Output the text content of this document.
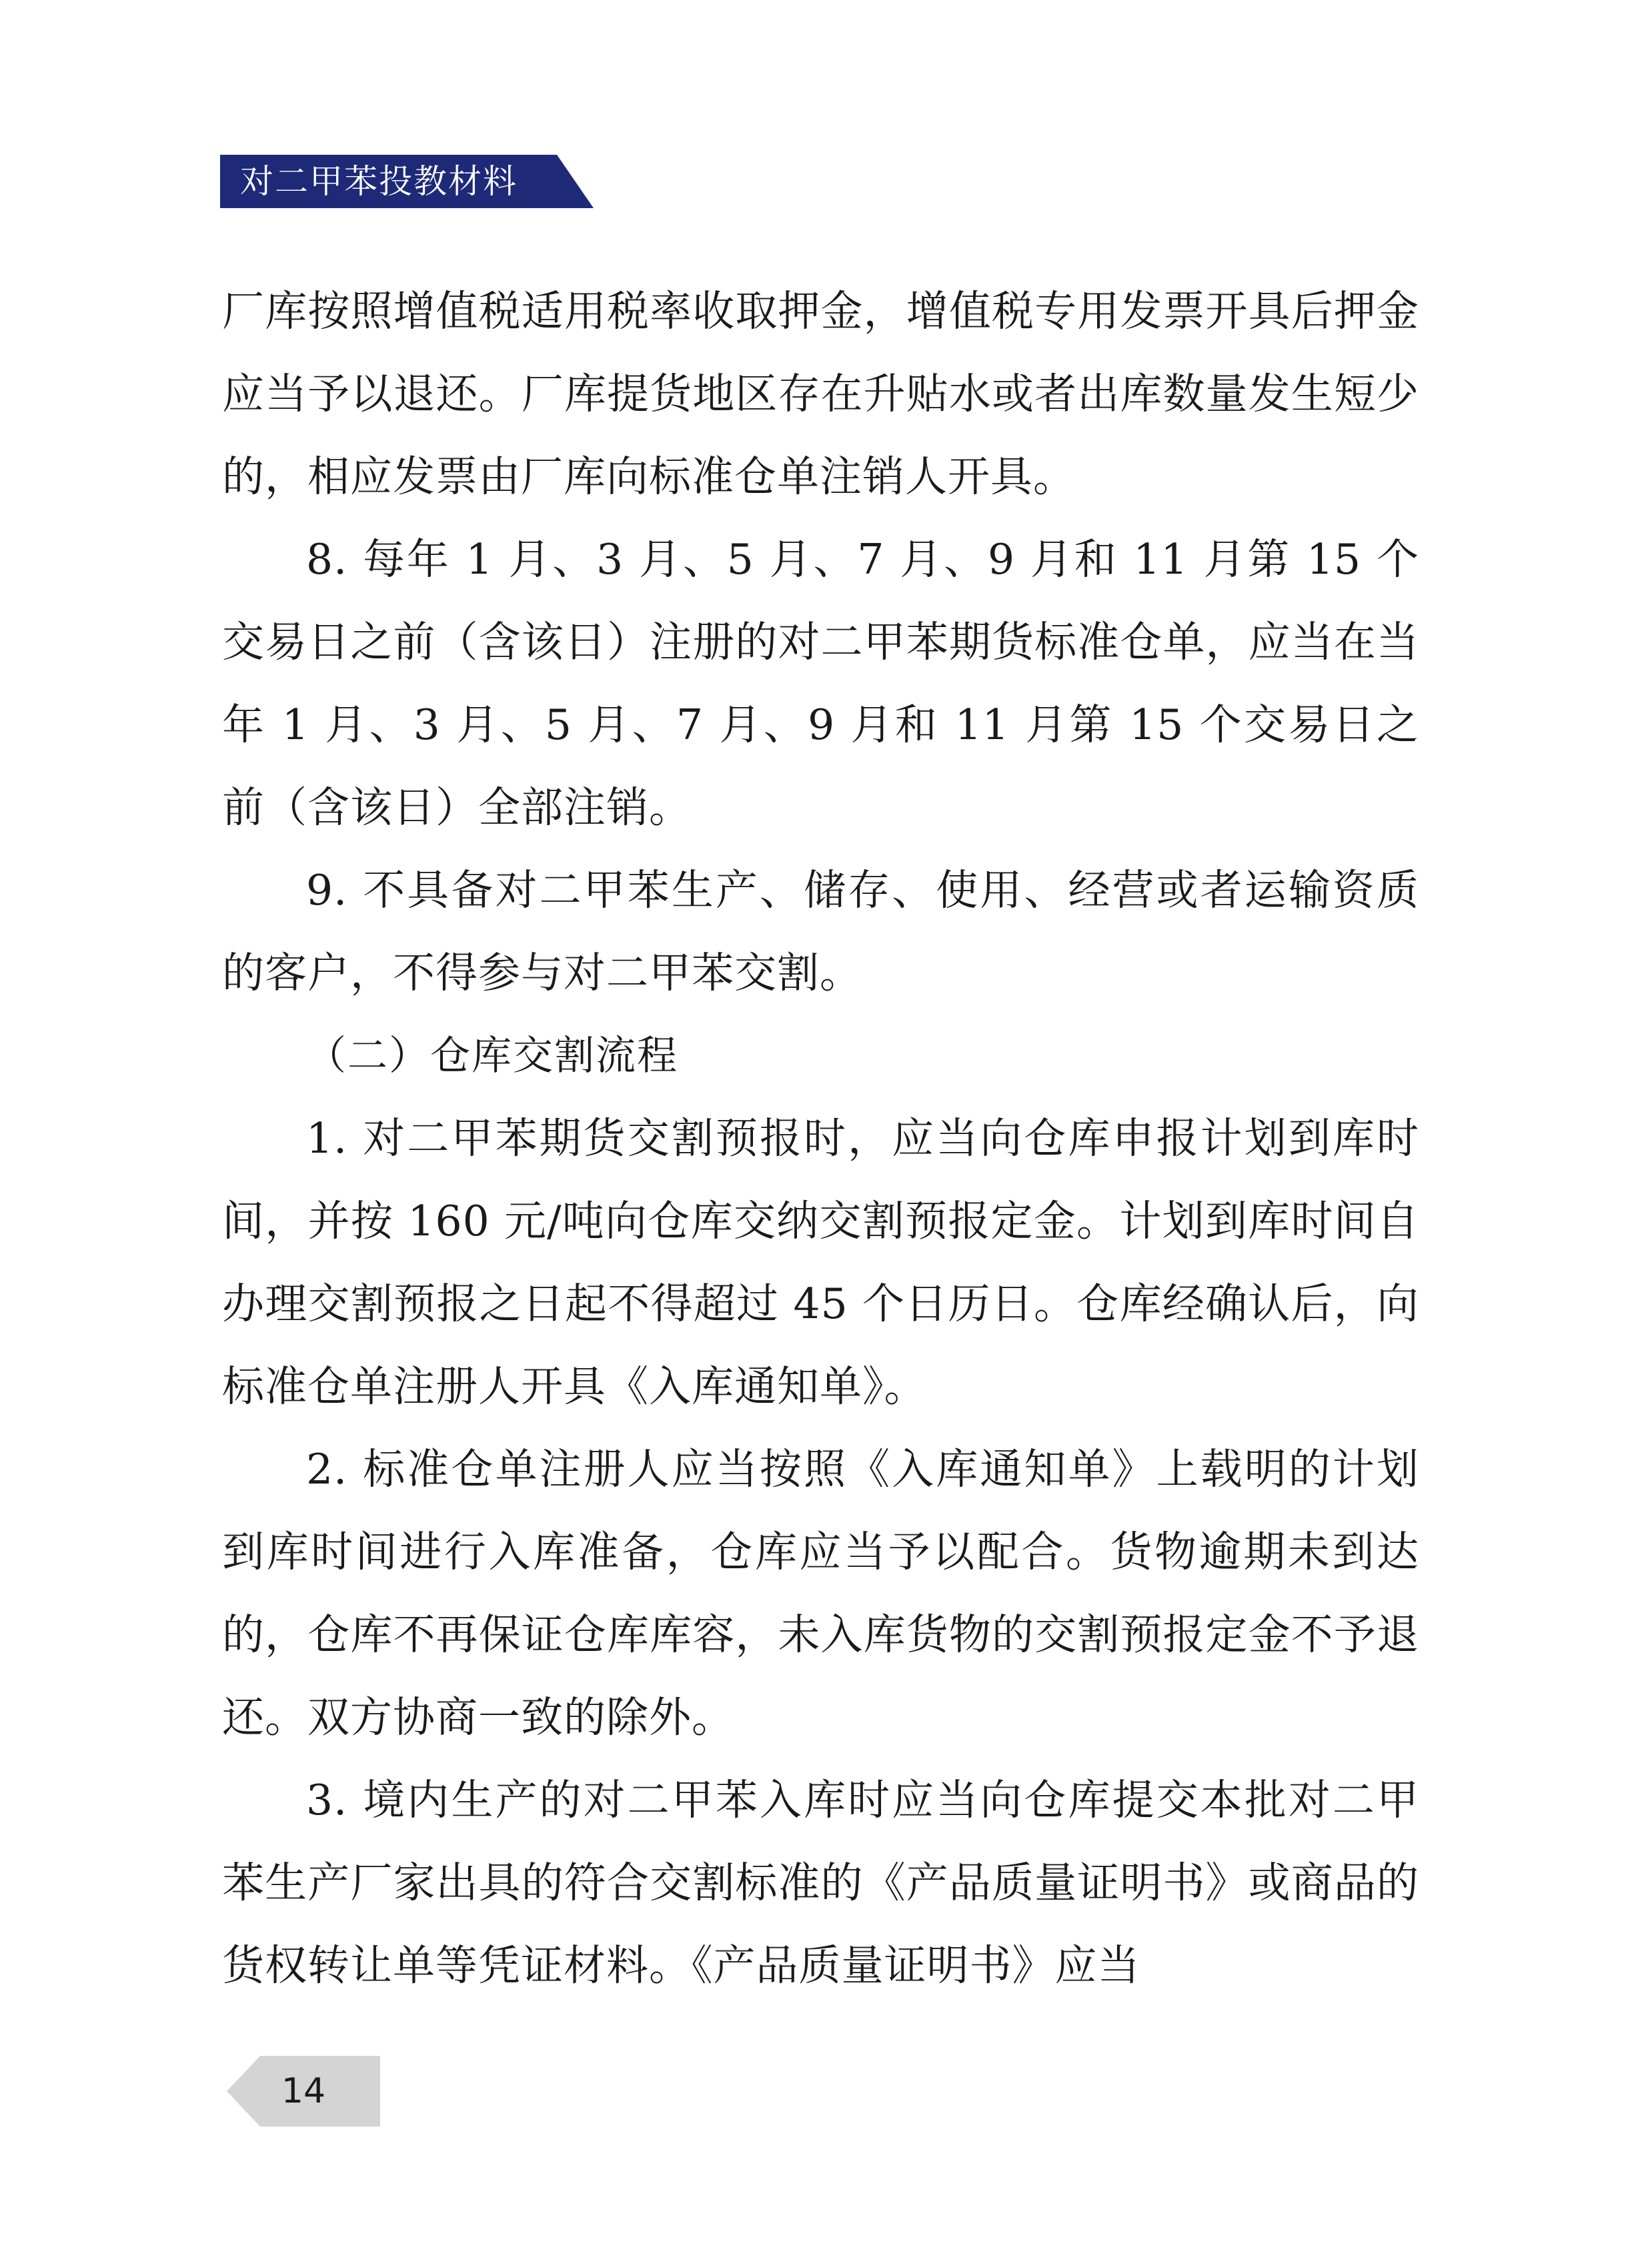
对二甲苯投教材料

厂库按照增值税适用税率收取押金，增值税专用发票开具后押金应当予以退还。厂库提货地区存在升贴水或者出库数量发生短少的，相应发票由厂库向标准仓单注销人开具。

8. 每年 1 月、3 月、5 月、7 月、9 月和 11 月第 15 个交易日之前（含该日）注册的对二甲苯期货标准仓单，应当在当年 1 月、3 月、5 月、7 月、9 月和 11 月第 15 个交易日之前（含该日）全部注销。

9. 不具备对二甲苯生产、储存、使用、经营或者运输资质的客户，不得参与对二甲苯交割。

（二）仓库交割流程

1. 对二甲苯期货交割预报时，应当向仓库申报计划到库时间，并按 160 元/吨向仓库交纳交割预报定金。计划到库时间自办理交割预报之日起不得超过 45 个日历日。仓库经确认后，向标准仓单注册人开具《入库通知单》。

2. 标准仓单注册人应当按照《入库通知单》上载明的计划到库时间进行入库准备，仓库应当予以配合。货物逾期未到达的，仓库不再保证仓库库容，未入库货物的交割预报定金不予退还。双方协商一致的除外。

3. 境内生产的对二甲苯入库时应当向仓库提交本批对二甲苯生产厂家出具的符合交割标准的《产品质量证明书》或商品的货权转让单等凭证材料。《产品质量证明书》应当

14
